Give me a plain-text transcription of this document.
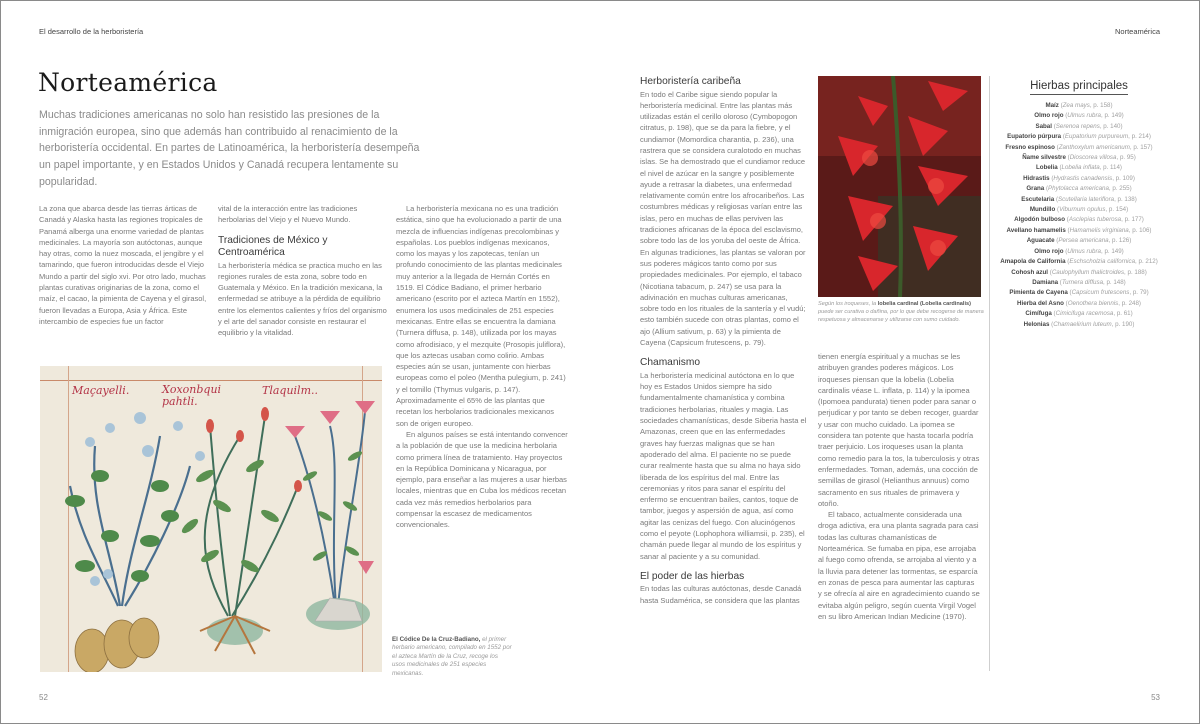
El desarrollo de la herboristería	Norteamérica
Norteamérica
Muchas tradiciones americanas no solo han resistido las presiones de la inmigración europea, sino que además han contribuido al renacimiento de la herboristería occidental. En partes de Latinoamérica, la herboristería desempeña un papel importante, y en Estados Unidos y Canadá recupera lentamente su popularidad.

La zona que abarca desde las tierras árticas de Canadá y Alaska hasta las regiones tropicales de Panamá alberga una enorme variedad de plantas medicinales. La mayoría son autóctonas, aunque hay otras, como la nuez moscada, el jengibre y el tamarindo, que fueron introducidas desde el Viejo Mundo a partir del siglo xvi. Por otro lado, muchas plantas curativas originarias de la zona, como el maíz, el cacao, la pimienta de Cayena y el girasol, fueron llevadas a Europa, Asia y África. Este intercambio de especies fue un factor

vital de la interacción entre las tradiciones herbolarias del Viejo y el Nuevo Mundo.

Tradiciones de México y Centroamérica

La herboristería médica se practica mucho en las regiones rurales de esta zona, sobre todo en Guatemala y México. En la tradición mexicana, la enfermedad se atribuye a la pérdida de equilibrio entre los elementos calientes y fríos del organismo y el arte del sanador consiste en restaurar el equilibrio y la vitalidad.

La herboristería mexicana no es una tradición estática, sino que ha evolucionado a partir de una mezcla de influencias indígenas precolombinas y españolas. Los pueblos indígenas mexicanos, como los mayas y los zapotecas, tenían un profundo conocimiento de las plantas medicinales muy anterior a la llegada de Hernán Cortés en 1519. El Códice Badiano, el primer herbario americano (escrito por el azteca Martín en 1552), enumera los usos medicinales de 251 especies mexicanas. Entre ellas se encuentra la damiana (Turnera diffusa, p. 148), utilizada por los mayas como afrodisiaco, y el mezquite (Prosopis juliflora), que los aztecas usaban como colirio. Ambas especies aún se usan, juntamente con hierbas europeas como el poleo (Mentha pulegium, p. 241) y el tomillo (Thymus vulgaris, p. 147). Aproximadamente el 65% de las plantas que recetan los herbolarios tradicionales mexicanos son de origen europeo.

En algunos países se está intentando convencer a la población de que use la medicina herbolaria como primera línea de tratamiento. Hay proyectos en la República Dominicana y Nicaragua, por ejemplo, para enseñar a las mujeres a usar hierbas locales, mientras que en Cuba los médicos recetan cada vez más remedios herbolarios para compensar la escasez de medicamentos convencionales.

Maçayelli.	Xoxonbqui pahtli.
Tlaquilm..
El Códice De la Cruz-Badiano, el primer herbario americano, compilado en 1552 por el azteca Martín de la Cruz, recoge los usos medicinales de 251 especies mexicanas.
Herboristería caribeña

En todo el Caribe sigue siendo popular la herboristería medicinal. Entre las plantas más utilizadas están el cerillo oloroso (Cymbopogon citratus, p. 198), que se da para la fiebre, y el cundiamor (Momordica charantia, p. 236), una rastrera que se considera curalotodo en muchas islas. Se ha demostrado que el cundiamor reduce el nivel de azúcar en la sangre y posiblemente ayude a retrasar la diabetes, una enfermedad relativamente común entre los afrocaribeños. Las costumbres médicas y religiosas varían entre las islas, pero en muchas de ellas perviven las tradiciones africanas de la época del esclavismo, sobre todo las de los yoruba del oeste de África. En algunas tradiciones, las plantas se valoran por sus poderes mágicos tanto como por sus propiedades medicinales. Por ejemplo, el tabaco (Nicotiana tabacum, p. 247) se usa para la adivinación en muchas culturas americanas, sobre todo en los rituales de la santería y el vudú; esto también sucede con otras plantas, como el ajo (Allium sativum, p. 63) y la pimienta de Cayena (Capsicum frutescens, p. 79).

Chamanismo

La herboristería medicinal autóctona en lo que hoy es Estados Unidos siempre ha sido fundamentalmente chamanística y combina tradiciones herbolarias, rituales y magia. Las sociedades chamanísticas, desde Siberia hasta el Amazonas, creen que en las enfermedades graves hay fuerzas malignas que se han apoderado del alma. El paciente no se puede curar realmente hasta que su alma no haya sido liberada de los espíritus del mal. Entre las ceremonias y ritos para sanar el espíritu del enfermo se encuentran bailes, cantos, toque de tambor, juegos y aspersión de agua, así como agitar las cenizas del fuego. Con alucinógenos como el peyote (Lophophora williamsii, p. 235), el chamán puede llegar al mundo de los espíritus y sanar al paciente y a su comunidad.

El poder de las hierbas

En todas las culturas autóctonas, desde Canadá hasta Sudamérica, se considera que las plantas

Según los iroqueses, la lobelia cardinal (Lobelia cardinalis) puede ser curativa o dañina, por lo que debe recogerse de manera respetuosa y almacenarse y utilizarse con sumo cuidado.

tienen energía espiritual y a muchas se les atribuyen grandes poderes mágicos. Los iroqueses piensan que la lobelia (Lobelia cardinalis véase L. inflata, p. 114) y la ipomea (Ipomoea pandurata) tienen poder para sanar o perjudicar y por tanto se deben recoger, guardar y usar con mucho cuidado. La ipomea se considera tan potente que hasta tocarla podría traer perjuicio. Los iroqueses usan la planta como remedio para la tos, la tuberculosis y otras enfermedades. Toman, además, una cocción de semillas de girasol (Helianthus annuus) como sacramento en sus rituales de primavera y otoño.

El tabaco, actualmente considerada una droga adictiva, era una planta sagrada para casi todas las culturas chamanísticas de Norteamérica. Se fumaba en pipa, ese arrojaba al fuego como ofrenda, se arrojaba al viento y a la lluvia para detener las tormentas, se esparcía en zonas de pesca para aumentar las capturas y se ofrecía al aire en agradecimiento cuando se evitaba algún peligro, según cuenta Virgil Vogel en su libro American Indian Medicine (1970).

Hierbas principales
Maíz (Zea mays, p. 158)
Olmo rojo (Ulmus rubra, p. 149)
Sabal (Serenoa repens, p. 140)
Eupatorio púrpura (Eupatorium purpureum, p. 214)
Fresno espinoso (Zanthoxylum americanum, p. 157)
Ñame silvestre (Dioscorea villosa, p. 95)
Lobelia (Lobelia inflata, p. 114)
Hidrastis (Hydrastis canadensis, p. 109)
Grana (Phytolacca americana, p. 255)
Escutelaria (Scutellaria lateriflora, p. 138)
Mundillo (Viburnum opulus, p. 154)
Algodón bulboso (Asclepias tuberosa, p. 177)
Avellano hamamelis (Hamamelis virginiana, p. 106)
Aguacate (Persea americana, p. 126)
Olmo rojo (Ulmus rubra, p. 149)
Amapola de California (Eschscholzia californica, p. 212)
Cohosh azul (Caulophyllum thalictroides, p. 188)
Damiana (Turnera diffusa, p. 148)
Pimienta de Cayena (Capsicum frutescens, p. 79)
Hierba del Asno (Oenothera biennis, p. 248)
Cimífuga (Cimicifuga racemosa, p. 61)
Helonias (Chamaelirium luteum, p. 190)
52	53
